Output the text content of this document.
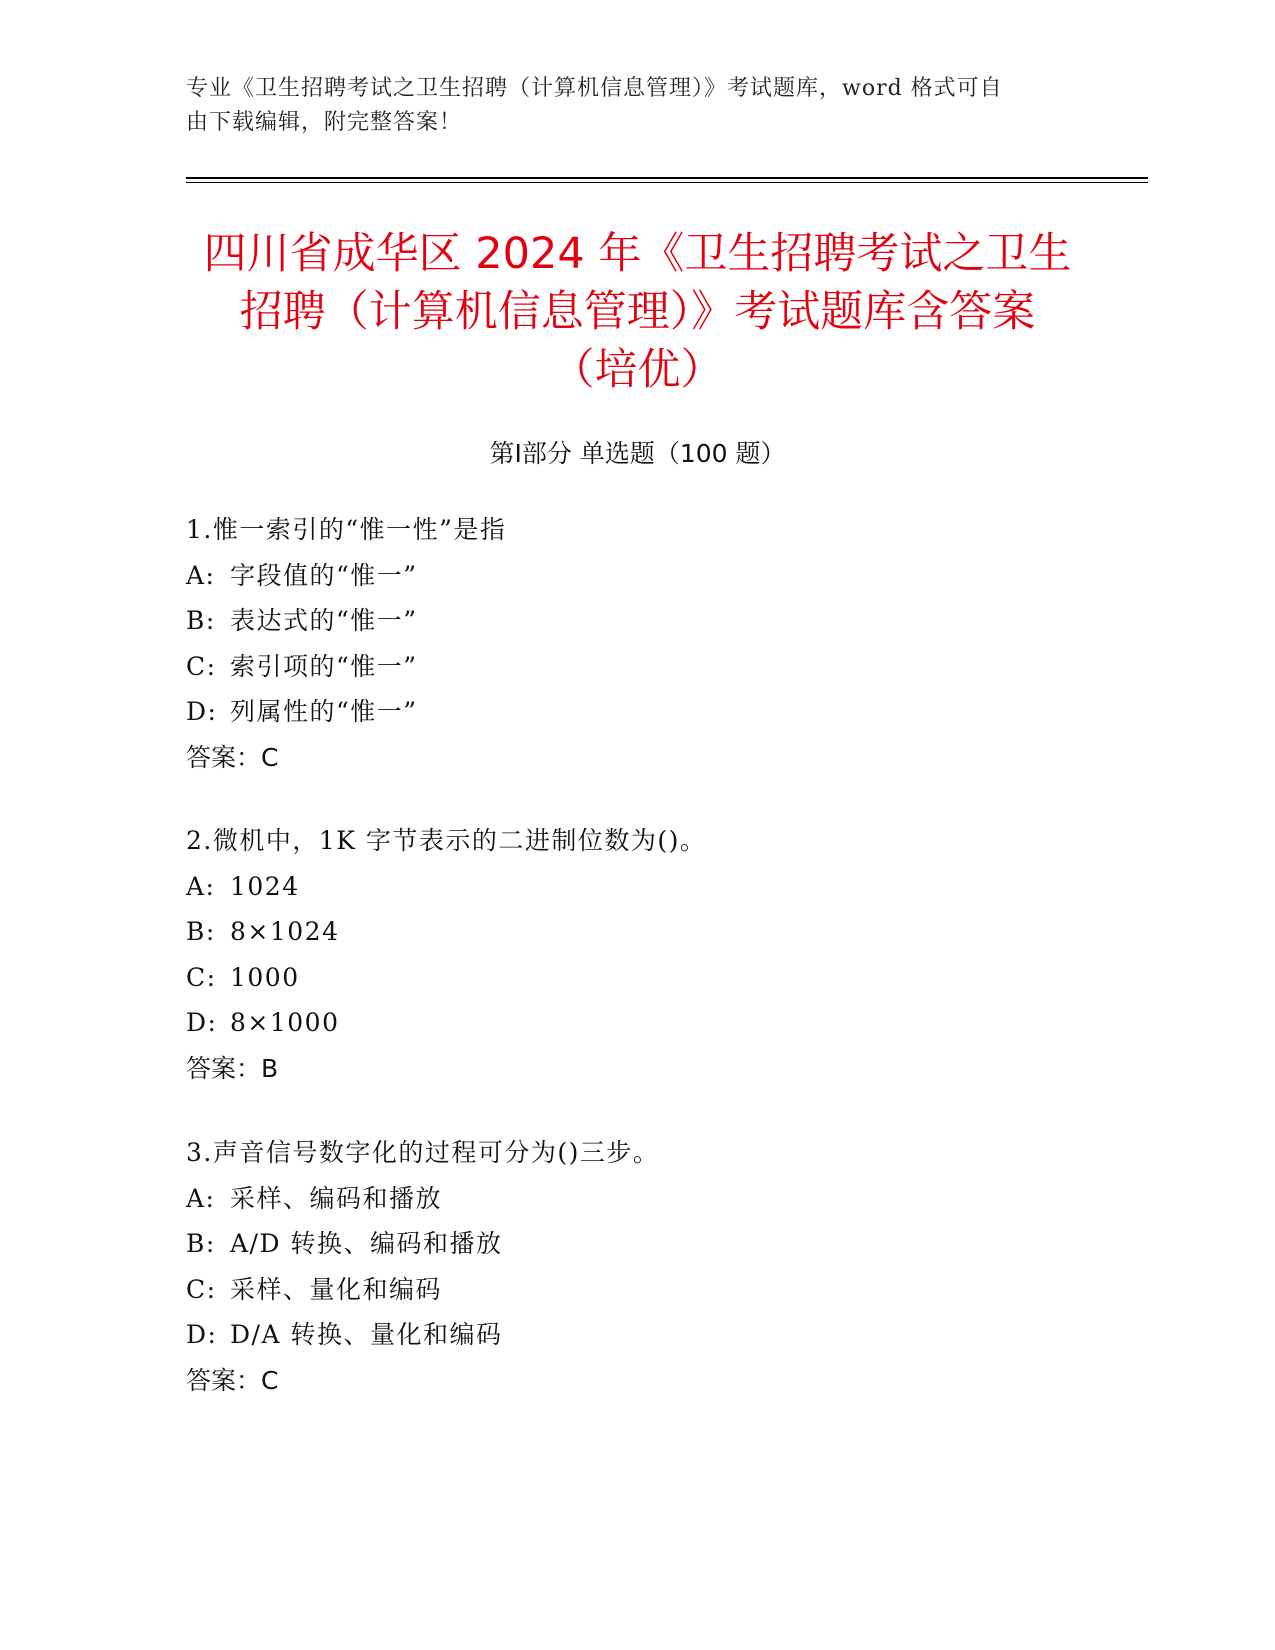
专业《卫生招聘考试之卫生招聘（计算机信息管理）》考试题库，word 格式可自
由下载编辑，附完整答案！
四川省成华区 2024 年《卫生招聘考试之卫生
招聘（计算机信息管理）》考试题库含答案
（培优）
第Ⅰ部分 单选题（100 题）
1.惟一索引的“惟一性”是指
A: 字段值的“惟一”
B: 表达式的“惟一”
C: 索引项的“惟一”
D: 列属性的“惟一”
答案：C
2.微机中，1K 字节表示的二进制位数为()。
A: 1024
B: 8×1024
C: 1000
D: 8×1000
答案：B
3.声音信号数字化的过程可分为()三步。
A: 采样、编码和播放
B: A/D 转换、编码和播放
C: 采样、量化和编码
D: D/A 转换、量化和编码
答案：C
